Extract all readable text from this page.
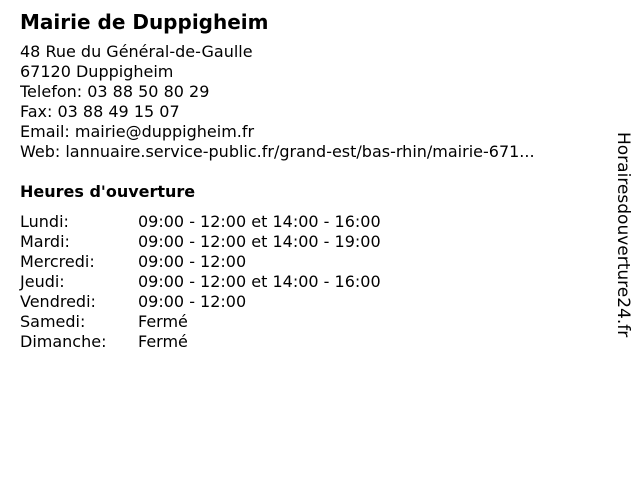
Mairie de Duppigheim
48 Rue du Général-de-Gaulle
67120 Duppigheim
Telefon: 03 88 50 80 29
Fax: 03 88 49 15 07
Email: mairie@duppigheim.fr
Web: lannuaire.service-public.fr/grand-est/bas-rhin/mairie-671...
Heures d'ouverture
Lundi:	09:00 - 12:00 et 14:00 - 16:00
Mardi:	09:00 - 12:00 et 14:00 - 19:00
Mercredi:	09:00 - 12:00
Jeudi:	09:00 - 12:00 et 14:00 - 16:00
Vendredi:	09:00 - 12:00
Samedi:	Fermé
Dimanche:	Fermé
Horairesdouverture24.fr
